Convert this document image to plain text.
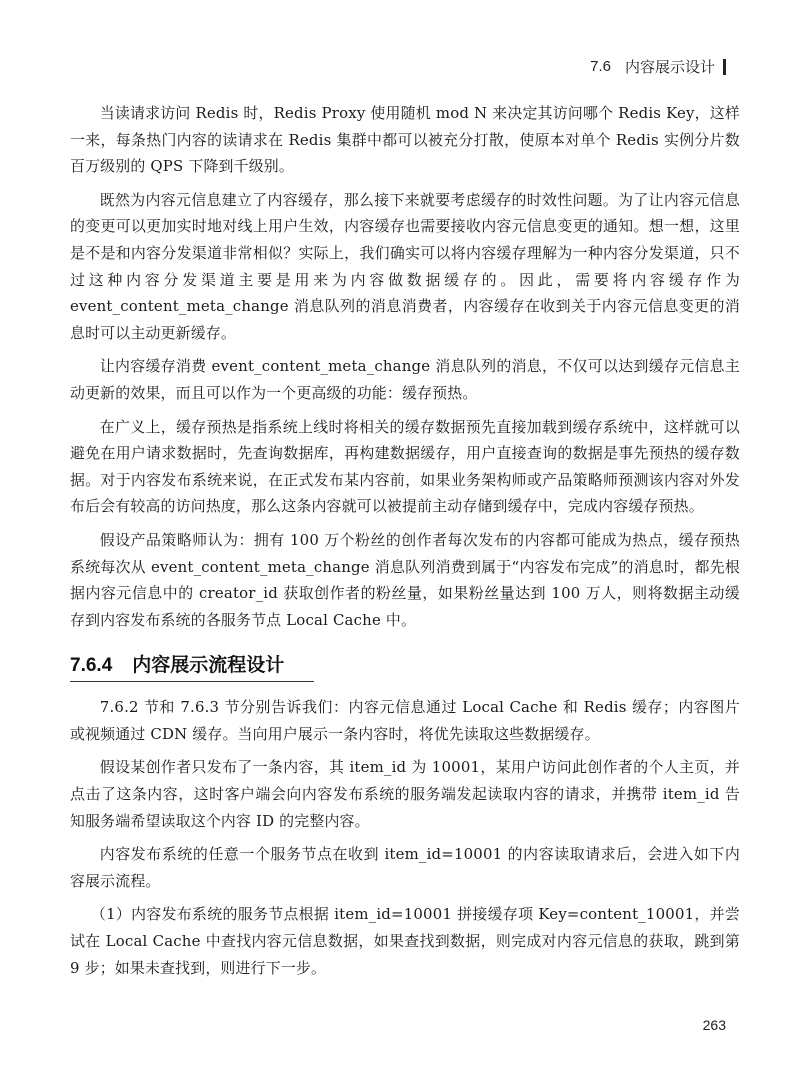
7.6 内容展示设计

当读请求访问 Redis 时，Redis Proxy 使用随机 mod N 来决定其访问哪个 Redis Key，这样一来，每条热门内容的读请求在 Redis 集群中都可以被充分打散，使原本对单个 Redis 实例分片数百万级别的 QPS 下降到千级别。

既然为内容元信息建立了内容缓存，那么接下来就要考虑缓存的时效性问题。为了让内容元信息的变更可以更加实时地对线上用户生效，内容缓存也需要接收内容元信息变更的通知。想一想，这里是不是和内容分发渠道非常相似？实际上，我们确实可以将内容缓存理解为一种内容分发渠道，只不过这种内容分发渠道主要是用来为内容做数据缓存的。因此，需要将内容缓存作为 event_content_meta_change 消息队列的消息消费者，内容缓存在收到关于内容元信息变更的消息时可以主动更新缓存。

让内容缓存消费 event_content_meta_change 消息队列的消息，不仅可以达到缓存元信息主动更新的效果，而且可以作为一个更高级的功能：缓存预热。

在广义上，缓存预热是指系统上线时将相关的缓存数据预先直接加载到缓存系统中，这样就可以避免在用户请求数据时，先查询数据库，再构建数据缓存，用户直接查询的数据是事先预热的缓存数据。对于内容发布系统来说，在正式发布某内容前，如果业务架构师或产品策略师预测该内容对外发布后会有较高的访问热度，那么这条内容就可以被提前主动存储到缓存中，完成内容缓存预热。

假设产品策略师认为：拥有 100 万个粉丝的创作者每次发布的内容都可能成为热点，缓存预热系统每次从 event_content_meta_change 消息队列消费到属于“内容发布完成”的消息时，都先根据内容元信息中的 creator_id 获取创作者的粉丝量，如果粉丝量达到 100 万人，则将数据主动缓存到内容发布系统的各服务节点 Local Cache 中。

7.6.4 内容展示流程设计

7.6.2 节和 7.6.3 节分别告诉我们：内容元信息通过 Local Cache 和 Redis 缓存；内容图片或视频通过 CDN 缓存。当向用户展示一条内容时，将优先读取这些数据缓存。

假设某创作者只发布了一条内容，其 item_id 为 10001，某用户访问此创作者的个人主页，并点击了这条内容，这时客户端会向内容发布系统的服务端发起读取内容的请求，并携带 item_id 告知服务端希望读取这个内容 ID 的完整内容。

内容发布系统的任意一个服务节点在收到 item_id=10001 的内容读取请求后，会进入如下内容展示流程。

（1）内容发布系统的服务节点根据 item_id=10001 拼接缓存项 Key=content_10001，并尝试在 Local Cache 中查找内容元信息数据，如果查找到数据，则完成对内容元信息的获取，跳到第 9 步；如果未查找到，则进行下一步。

263
